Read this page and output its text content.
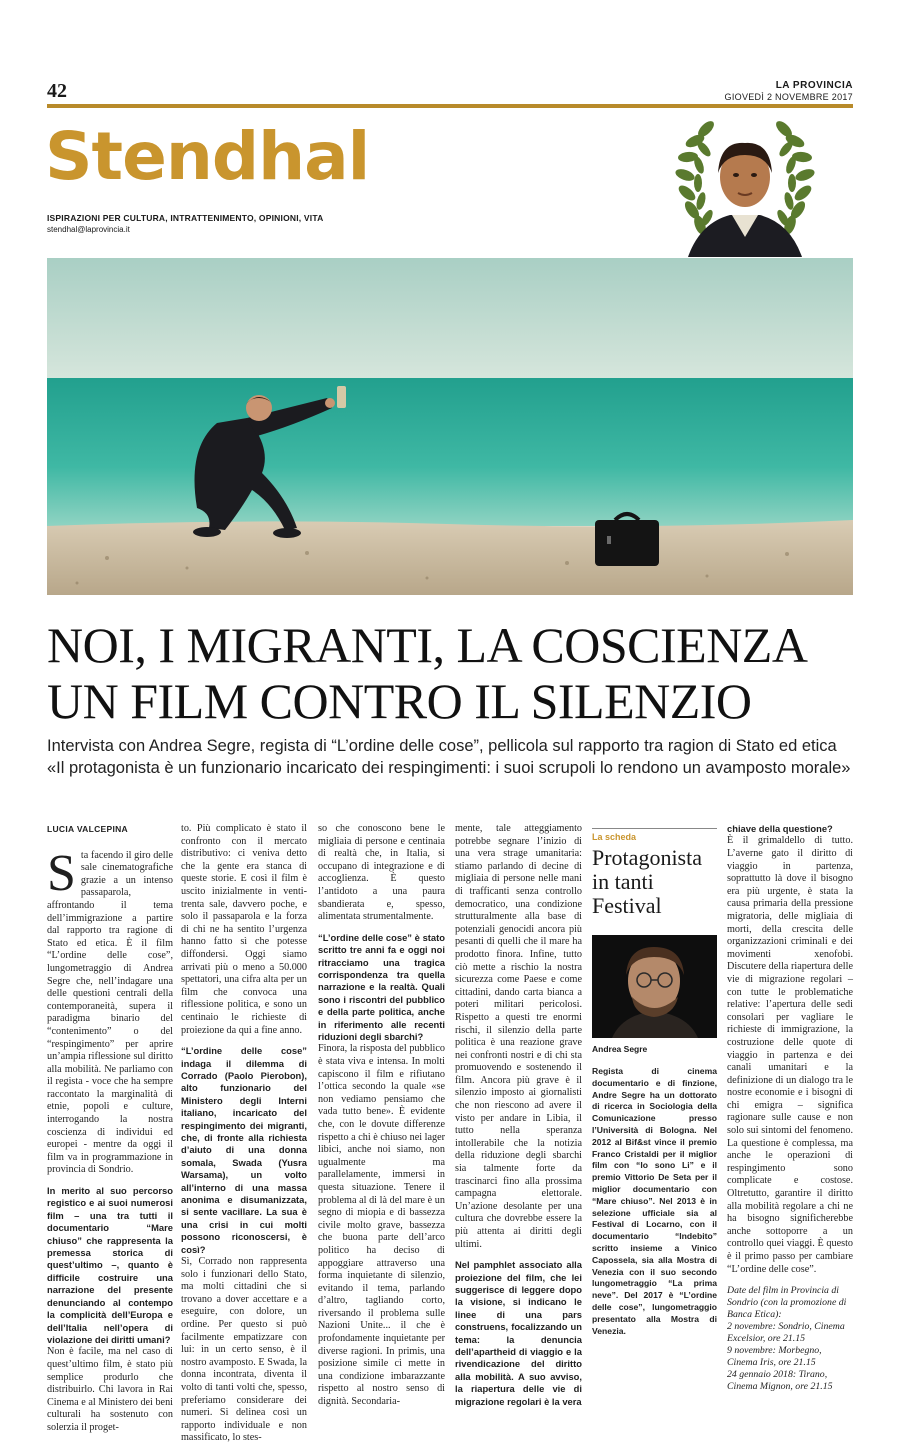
42	LA PROVINCIA
GIOVEDÌ 2 NOVEMBRE 2017
Stendhal
ISPIRAZIONI PER CULTURA, INTRATTENIMENTO, OPINIONI, VITA
stendhal@laprovincia.it
NOI, I MIGRANTI, LA COSCIENZA
UN FILM CONTRO IL SILENZIO
Intervista con Andrea Segre, regista di “L’ordine delle cose”, pellicola sul rapporto tra ragion di Stato ed etica
«Il protagonista è un funzionario incaricato dei respingimenti: i suoi scrupoli lo rendono un avamposto morale»
LUCIA VALCEPINA

Sta facendo il giro delle sale cinematografiche grazie a un intenso passaparola, affrontando il tema dell’immigrazione a partire dal rapporto tra ragione di Stato ed etica. È il film “L’ordine delle cose”, lungometraggio di Andrea Segre che, nell’indagare una delle questioni centrali della contemporaneità, supera il paradigma binario del “contenimento” o del “respingimento” per aprire un’ampia riflessione sul diritto alla mobilità. Ne parliamo con il regista - voce che ha sempre raccontato la marginalità di etnie, popoli e culture, interrogando la nostra coscienza di individui ed europei - mentre da oggi il film va in programmazione in provincia di Sondrio.

In merito al suo percorso registico e ai suoi numerosi film – una tra tutti il documentario “Mare chiuso” che rappresenta la premessa storica di quest’ultimo –, quanto è difficile costruire una narrazione del presente denunciando al contempo la complicità dell’Europa e dell’Italia nell’opera di violazione dei diritti umani?

Non è facile, ma nel caso di quest’ultimo film, è stato più semplice produrlo che distribuirlo. Chi lavora in Rai Cinema e al Ministero dei beni culturali ha sostenuto con solerzia il proget-

to. Più complicato è stato il confronto con il mercato distributivo: ci veniva detto che la gente era stanca di queste storie. E così il film è uscito inizialmente in venti-trenta sale, davvero poche, e solo il passaparola e la forza di chi ne ha sentito l’urgenza hanno fatto sì che potesse diffondersi. Oggi siamo arrivati più o meno a 50.000 spettatori, una cifra alta per un film che convoca una riflessione politica, e sono un centinaio le richieste di proiezione da qui a fine anno.

“L’ordine delle cose” indaga il dilemma di Corrado (Paolo Pierobon), alto funzionario del Ministero degli Interni italiano, incaricato del respingimento dei migranti, che, di fronte alla richiesta d’aiuto di una donna somala, Swada (Yusra Warsama), un volto all’interno di una massa anonima e disumanizzata, si sente vacillare. La sua è una crisi in cui molti possono riconoscersi, è così?

Sì, Corrado non rappresenta solo i funzionari dello Stato, ma molti cittadini che si trovano a dover accettare e a eseguire, con dolore, un ordine. Per questo si può facilmente empatizzare con lui: in un certo senso, è il nostro avamposto. E Swada, la donna incontrata, diventa il volto di tanti volti che, spesso, preferiamo considerare dei numeri. Si delinea così un rapporto individuale e non massificato, lo stes-

so che conoscono bene le migliaia di persone e centinaia di realtà che, in Italia, si occupano di integrazione e di accoglienza. È questo l’antidoto a una paura sbandierata e, spesso, alimentata strumentalmente.

“L’ordine delle cose” è stato scritto tre anni fa e oggi noi ritracciamo una tragica corrispondenza tra quella narrazione e la realtà. Quali sono i riscontri del pubblico e della parte politica, anche in riferimento alle recenti riduzioni degli sbarchi?

Finora, la risposta del pubblico è stata viva e intensa. In molti capiscono il film e rifiutano l’ottica secondo la quale «se non vediamo pensiamo che vada tutto bene». È evidente che, con le dovute differenze rispetto a chi è chiuso nei lager libici, anche noi siamo, non ugualmente ma parallelamente, immersi in questa situazione. Tenere il problema al di là del mare è un segno di miopia e di bassezza civile molto grave, bassezza che buona parte dell’arco politico ha deciso di appoggiare attraverso una forma inquietante di silenzio, evitando il tema, parlando d’altro, tagliando corto, riversando il problema sulle Nazioni Unite... il che è profondamente inquietante per diverse ragioni. In primis, una posizione simile ci mette in una condizione imbarazzante rispetto al nostro senso di dignità. Secondaria-

mente, tale atteggiamento potrebbe segnare l’inizio di una vera strage umanitaria: stiamo parlando di decine di migliaia di persone nelle mani di trafficanti senza controllo democratico, una condizione strutturalmente alla base di potenziali genocidi ancora più pesanti di quelli che il mare ha prodotto finora. Infine, tutto ciò mette a rischio la nostra sicurezza come Paese e come cittadini, dando carta bianca a poteri militari pericolosi. Rispetto a questi tre enormi rischi, il silenzio della parte politica è una reazione grave nei confronti nostri e di chi sta promuovendo e sostenendo il film. Ancora più grave è il silenzio imposto ai giornalisti che non riescono ad avere il visto per andare in Libia, il tutto nella speranza intollerabile che la notizia della riduzione degli sbarchi sia talmente forte da trascinarci fino alla prossima campagna elettorale. Un’azione desolante per una cultura che dovrebbe essere la più attenta ai diritti degli ultimi.

Nel pamphlet associato alla proiezione del film, che lei suggerisce di leggere dopo la visione, si indicano le linee di una pars construens, focalizzando un tema: la denuncia dell’apartheid di viaggio e la rivendicazione del diritto alla mobilità. A suo avviso, la riapertura delle vie di migrazione regolari è la vera

La scheda
Protagonista in tanti Festival
Andrea Segre
Regista di cinema documentario e di finzione, Andre Segre ha un dottorato di ricerca in Sociologia della Comunicazione presso l’Università di Bologna. Nel 2012 al Bif&st vince il premio Franco Cristaldi per il miglior film con “Io sono Li” e il premio Vittorio De Seta per il miglior documentario con “Mare chiuso”. Nel 2013 è in selezione ufficiale sia al Festival di Locarno, con il documentario “Indebito” scritto insieme a Vinico Capossela, sia alla Mostra di Venezia con il suo secondo lungometraggio “La prima neve”. Del 2017 è “L’ordine delle cose”, lungometraggio presentato alla Mostra di Venezia.

chiave della questione?

È il grimaldello di tutto. L’averne gato il diritto di viaggio in partenza, soprattutto là dove il bisogno era più urgente, è stata la causa primaria della pressione migratoria, delle migliaia di morti, della crescita delle organizzazioni criminali e dei movimenti xenofobi. Discutere della riapertura delle vie di migrazione regolari – con tutte le problematiche relative: l’apertura delle sedi consolari per vagliare le richieste di immigrazione, la costruzione delle quote di viaggio in partenza e dei canali umanitari e la definizione di un dialogo tra le nostre economie e i bisogni di chi emigra – significa ragionare sulle cause e non solo sui sintomi del fenomeno. La questione è complessa, ma anche le operazioni di respingimento sono complicate e costose. Oltretutto, garantire il diritto alla mobilità regolare a chi ne ha bisogno significherebbe anche sottoporre a un controllo quei viaggi. È questo è il primo passo per cambiare “L’ordine delle cose”.

Date del film in Provincia di Sondrio (con la promozione di Banca Etica):

2 novembre: Sondrio, Cinema Excelsior, ore 21.15
9 novembre: Morbegno, Cinema Iris, ore 21.15
24 gennaio 2018: Tirano, Cinema Mignon, ore 21.15
